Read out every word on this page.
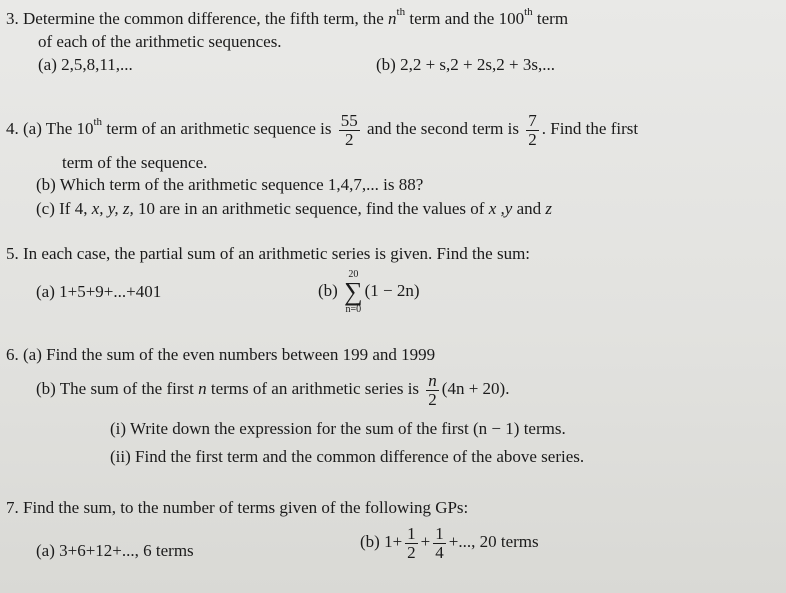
3. Determine the common difference, the fifth term, the $n^{th}$ term and the 100th term
of each of the arithmetic sequences.
(a) 2,5,8,11,...	(b) 2,2 + s,2 + 2s,2 + 3s,...
4. (a) The 10th term of an arithmetic sequence is $\frac{55}{2}$ and the second term is $\frac{7}{2}$ . Find the first
term of the sequence.
(b) Which term of the arithmetic sequence 1,4,7,... is 88?
(c) If 4, x, y, z, 10 are in an arithmetic sequence, find the values of x ,y and z
5. In each case, the partial sum of an arithmetic series is given. Find the sum:
(a) 1+5+9+...+401	(b)
20
∑
n=0
(1 − 2n)
6. (a) Find the sum of the even numbers between 199 and 1999
(b) The sum of the first n terms of an arithmetic series is $\frac{n}{2} (4n + 20)$.
(i) Write down the expression for the sum of the first (n − 1) terms.
(ii) Find the first term and the common difference of the above series.
7. Find the sum, to the number of terms given of the following GPs:
(a) 3+6+12+..., 6 terms	(b) $1+ \frac{1}{2} + \frac{1}{4}$ +..., 20 terms
